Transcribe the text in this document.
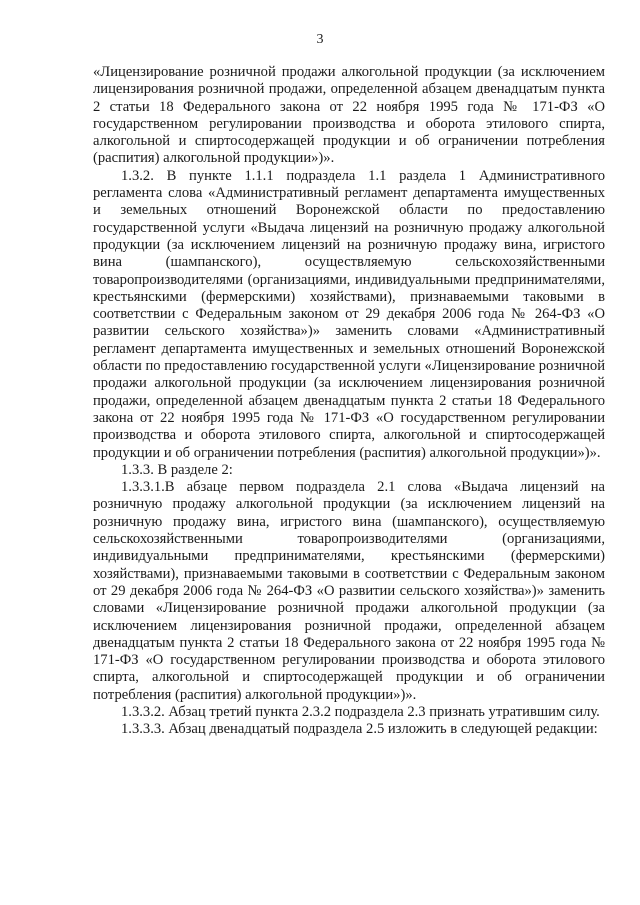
3

«Лицензирование розничной продажи алкогольной продукции (за исключением лицензирования розничной продажи, определенной абзацем двенадцатым пункта 2 статьи 18 Федерального закона от 22 ноября 1995 года № 171-ФЗ «О государственном регулировании производства и оборота этилового спирта, алкогольной и спиртосодержащей продукции и об ограничении потребления (распития) алкогольной продукции»)».

1.3.2. В пункте 1.1.1 подраздела 1.1 раздела 1 Административного регламента слова «Административный регламент департамента имущественных и земельных отношений Воронежской области по предоставлению государственной услуги «Выдача лицензий на розничную продажу алкогольной продукции (за исключением лицензий на розничную продажу вина, игристого вина (шампанского), осуществляемую сельскохозяйственными товаропроизводителями (организациями, индивидуальными предпринимателями, крестьянскими (фермерскими) хозяйствами), признаваемыми таковыми в соответствии с Федеральным законом от 29 декабря 2006 года № 264-ФЗ «О развитии сельского хозяйства»)» заменить словами «Административный регламент департамента имущественных и земельных отношений Воронежской области по предоставлению государственной услуги «Лицензирование розничной продажи алкогольной продукции (за исключением лицензирования розничной продажи, определенной абзацем двенадцатым пункта 2 статьи 18 Федерального закона от 22 ноября 1995 года № 171-ФЗ «О государственном регулировании производства и оборота этилового спирта, алкогольной и спиртосодержащей продукции и об ограничении потребления (распития) алкогольной продукции»)».

1.3.3. В разделе 2:

1.3.3.1.В абзаце первом подраздела 2.1 слова «Выдача лицензий на розничную продажу алкогольной продукции (за исключением лицензий на розничную продажу вина, игристого вина (шампанского), осуществляемую сельскохозяйственными товаропроизводителями (организациями, индивидуальными предпринимателями, крестьянскими (фермерскими) хозяйствами), признаваемыми таковыми в соответствии с Федеральным законом от 29 декабря 2006 года № 264-ФЗ «О развитии сельского хозяйства»)» заменить словами «Лицензирование розничной продажи алкогольной продукции (за исключением лицензирования розничной продажи, определенной абзацем двенадцатым пункта 2 статьи 18 Федерального закона от 22 ноября 1995 года № 171-ФЗ «О государственном регулировании производства и оборота этилового спирта, алкогольной и спиртосодержащей продукции и об ограничении потребления (распития) алкогольной продукции»)».

1.3.3.2. Абзац третий пункта 2.3.2 подраздела 2.3 признать утратившим силу.

1.3.3.3. Абзац двенадцатый подраздела 2.5 изложить в следующей редакции:
